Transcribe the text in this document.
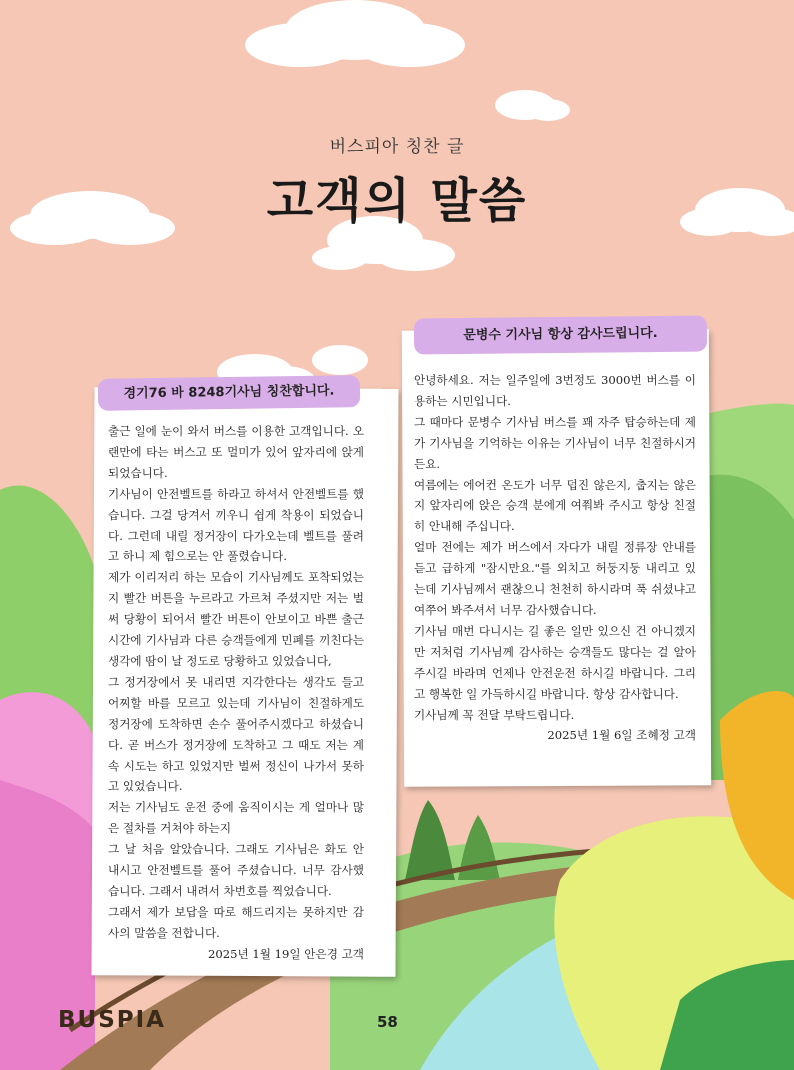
버스피아 칭찬 글
고객의 말씀
경기76 바 8248기사님 칭찬합니다.

출근 일에 눈이 와서 버스를 이용한 고객입니다. 오랜만에 타는 버스고 또 멀미가 있어 앞자리에 앉게 되었습니다.

기사님이 안전벨트를 하라고 하셔서 안전벨트를 했습니다. 그걸 당겨서 끼우니 쉽게 착용이 되었습니다. 그런데 내릴 정거장이 다가오는데 벨트를 풀려고 하니 제 힘으로는 안 풀렸습니다.

제가 이리저리 하는 모습이 기사님께도 포착되었는지 빨간 버튼을 누르라고 가르쳐 주셨지만 저는 벌써 당황이 되어서 빨간 버튼이 안보이고 바쁜 출근시간에 기사님과 다른 승객들에게 민폐를 끼친다는 생각에 땀이 날 정도로 당황하고 있었습니다,

그 정거장에서 못 내리면 지각한다는 생각도 들고 어찌할 바를 모르고 있는데 기사님이 친절하게도 정거장에 도착하면 손수 풀어주시겠다고 하셨습니다. 곧 버스가 정거장에 도착하고 그 때도 저는 계속 시도는 하고 있었지만 벌써 정신이 나가서 못하고 있었습니다.

저는 기사님도 운전 중에 움직이시는 게 얼마나 많은 절차를 거쳐야 하는지

그 날 처음 알았습니다. 그래도 기사님은 화도 안 내시고 안전벨트를 풀어 주셨습니다. 너무 감사했습니다. 그래서 내려서 차번호를 찍었습니다.

그래서 제가 보답을 따로 해드리지는 못하지만 감사의 말씀을 전합니다.

2025년 1월 19일 안은경 고객

문병수 기사님 항상 감사드립니다.

안녕하세요. 저는 일주일에 3번정도 3000번 버스를 이용하는 시민입니다.

그 때마다 문병수 기사님 버스를 꽤 자주 탑승하는데 제가 기사님을 기억하는 이유는 기사님이 너무 친절하시거든요.

여름에는 에어컨 온도가 너무 덥진 않은지, 춥지는 않은지 앞자리에 앉은 승객 분에게 여쭤봐 주시고 항상 친절히 안내해 주십니다.

얼마 전에는 제가 버스에서 자다가 내릴 정류장 안내를 듣고 급하게 "잠시만요."를 외치고 허둥지둥 내리고 있는데 기사님께서 괜찮으니 천천히 하시라며 푹 쉬셨냐고 여쭈어 봐주셔서 너무 감사했습니다.

기사님 매번 다니시는 길 좋은 일만 있으신 건 아니겠지만 저처럼 기사님께 감사하는 승객들도 많다는 걸 알아주시길 바라며 언제나 안전운전 하시길 바랍니다. 그리고 행복한 일 가득하시길 바랍니다. 항상 감사합니다.

기사님께 꼭 전달 부탁드립니다.

2025년 1월 6일 조혜정 고객

BUSPIA	58
